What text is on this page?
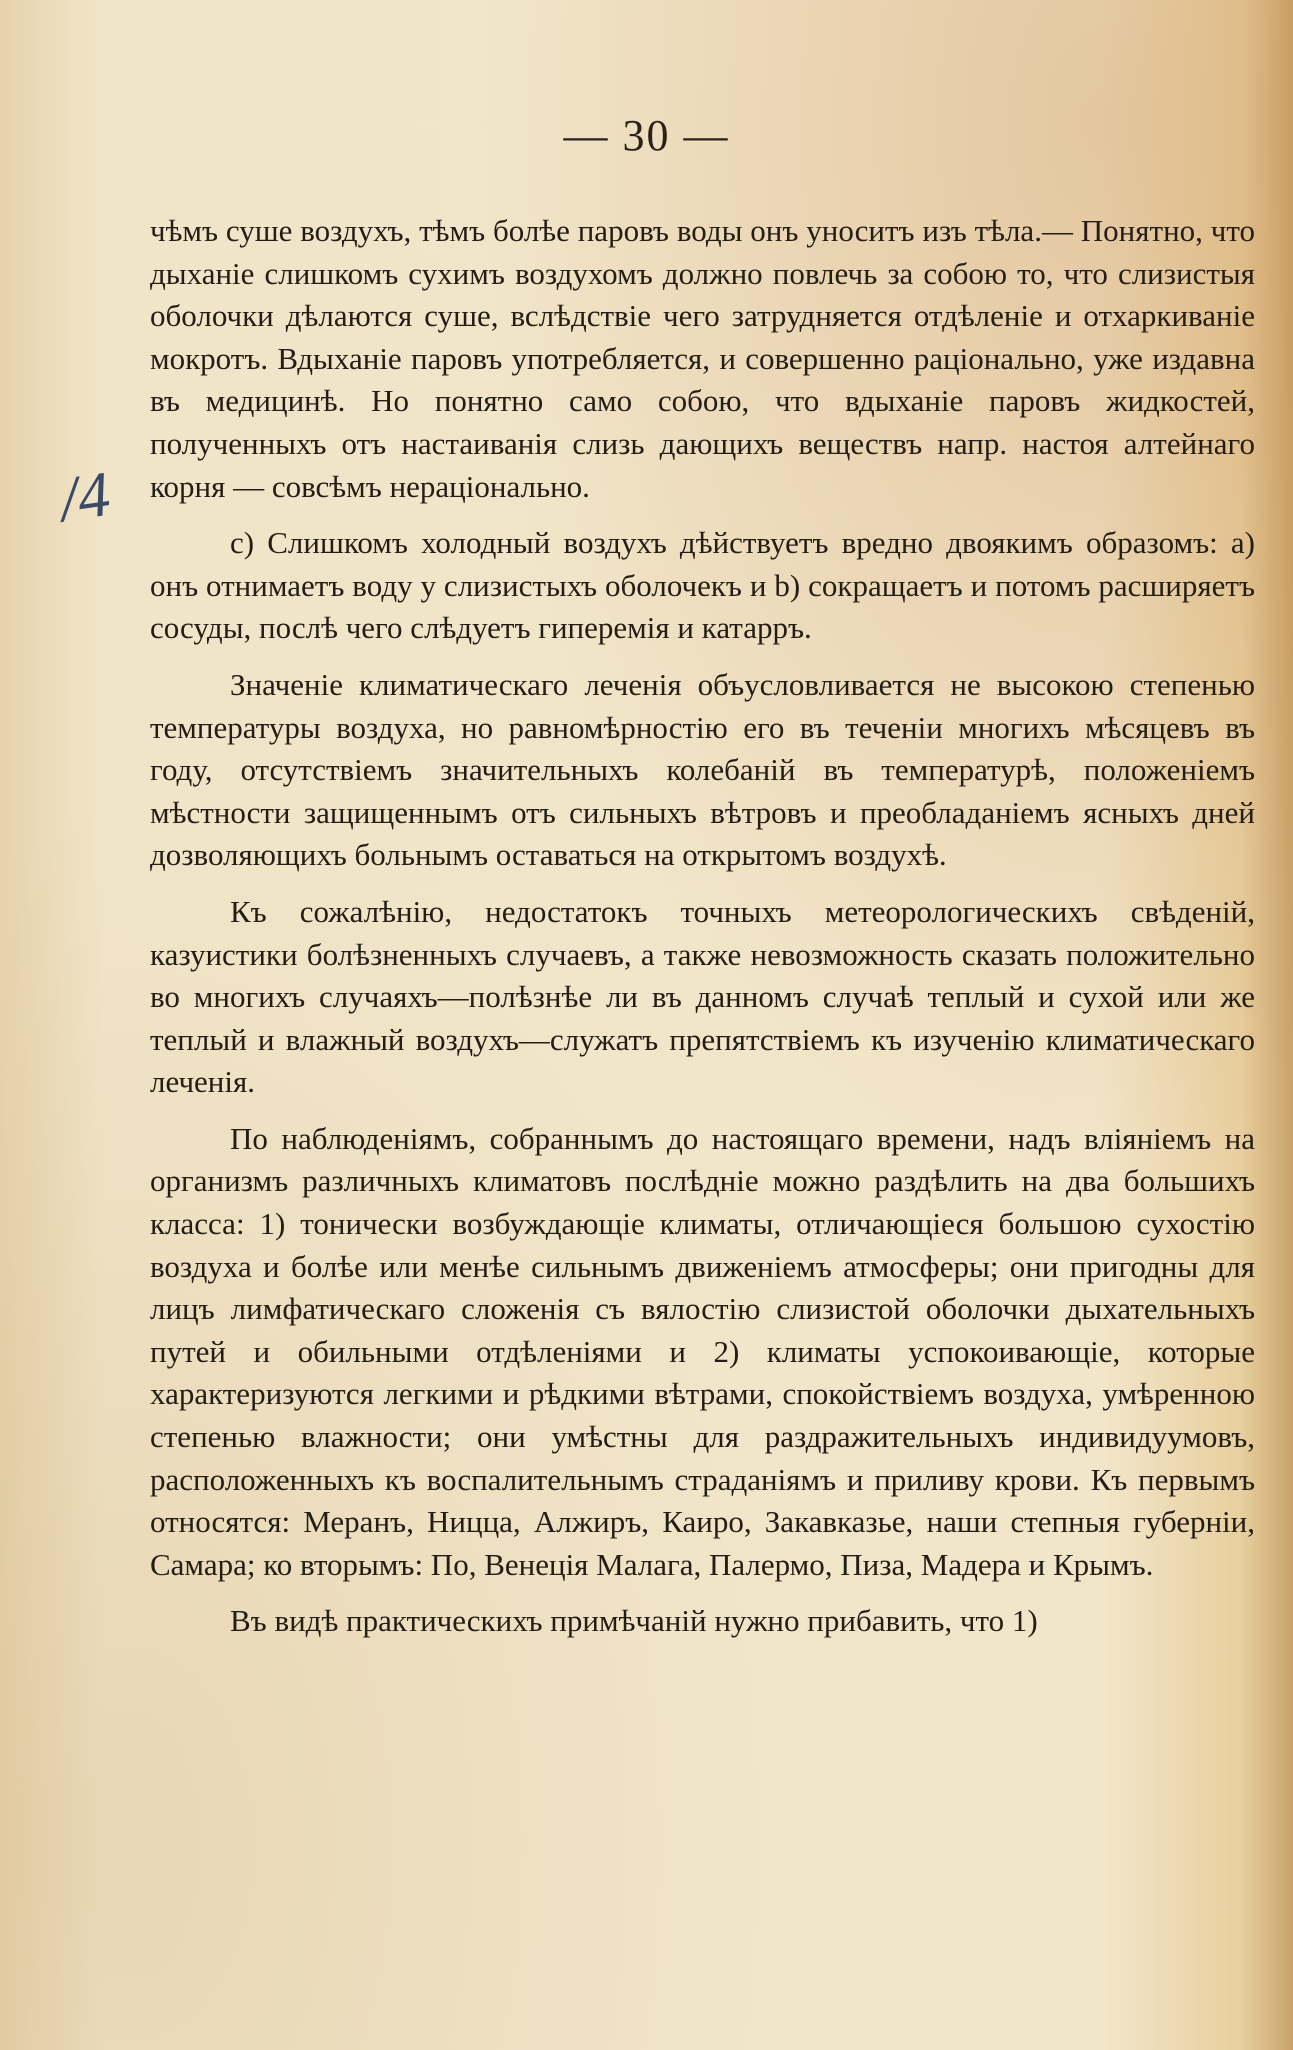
— 30 —
/4

чѣмъ суше воздухъ, тѣмъ болѣе паровъ воды онъ уноситъ изъ тѣла.— Понятно, что дыханіе слишкомъ сухимъ воздухомъ должно повлечь за собою то, что слизистыя оболочки дѣлаются суше, вслѣдствіе чего затрудняется отдѣленіе и отхаркиваніе мокротъ. Вдыханіе паровъ употребляется, и совершенно раціонально, уже издавна въ медицинѣ. Но понятно само собою, что вдыханіе паровъ жидкостей, полученныхъ отъ настаиванія слизь дающихъ веществъ напр. настоя алтейнаго корня — совсѣмъ нераціонально.

c) Слишкомъ холодный воздухъ дѣйствуетъ вредно двоякимъ образомъ: a) онъ отнимаетъ воду у слизистыхъ оболочекъ и b) сокращаетъ и потомъ расширяетъ сосуды, послѣ чего слѣдуетъ гиперемія и катарръ.

Значеніе климатическаго леченія объусловливается не высокою степенью температуры воздуха, но равномѣрностію его въ теченіи многихъ мѣсяцевъ въ году, отсутствіемъ значительныхъ колебаній въ температурѣ, положеніемъ мѣстности защищеннымъ отъ сильныхъ вѣтровъ и преобладаніемъ ясныхъ дней дозволяющихъ больнымъ оставаться на открытомъ воздухѣ.

Къ сожалѣнію, недостатокъ точныхъ метеорологическихъ свѣденій, казуистики болѣзненныхъ случаевъ, а также невозможность сказать положительно во многихъ случаяхъ—полѣзнѣе ли въ данномъ случаѣ теплый и сухой или же теплый и влажный воздухъ—служатъ препятствіемъ къ изученію климатическаго леченія.

По наблюденіямъ, собраннымъ до настоящаго времени, надъ вліяніемъ на организмъ различныхъ климатовъ послѣдніе можно раздѣлить на два большихъ класса: 1) тонически возбуждающіе климаты, отличающіеся большою сухостію воздуха и болѣе или менѣе сильнымъ движеніемъ атмосферы; они пригодны для лицъ лимфатическаго сложенія съ вялостію слизистой оболочки дыхательныхъ путей и обильными отдѣленіями и 2) климаты успокоивающіе, которые характеризуются легкими и рѣдкими вѣтрами, спокойствіемъ воздуха, умѣренною степенью влажности; они умѣстны для раздражительныхъ индивидуумовъ, расположенныхъ къ воспалительнымъ страданіямъ и приливу крови. Къ первымъ относятся: Меранъ, Ницца, Алжиръ, Каиро, Закавказье, наши степныя губерніи, Самара; ко вторымъ: По, Венеція Малага, Палермо, Пиза, Мадера и Крымъ.

Въ видѣ практическихъ примѣчаній нужно прибавить, что 1)
